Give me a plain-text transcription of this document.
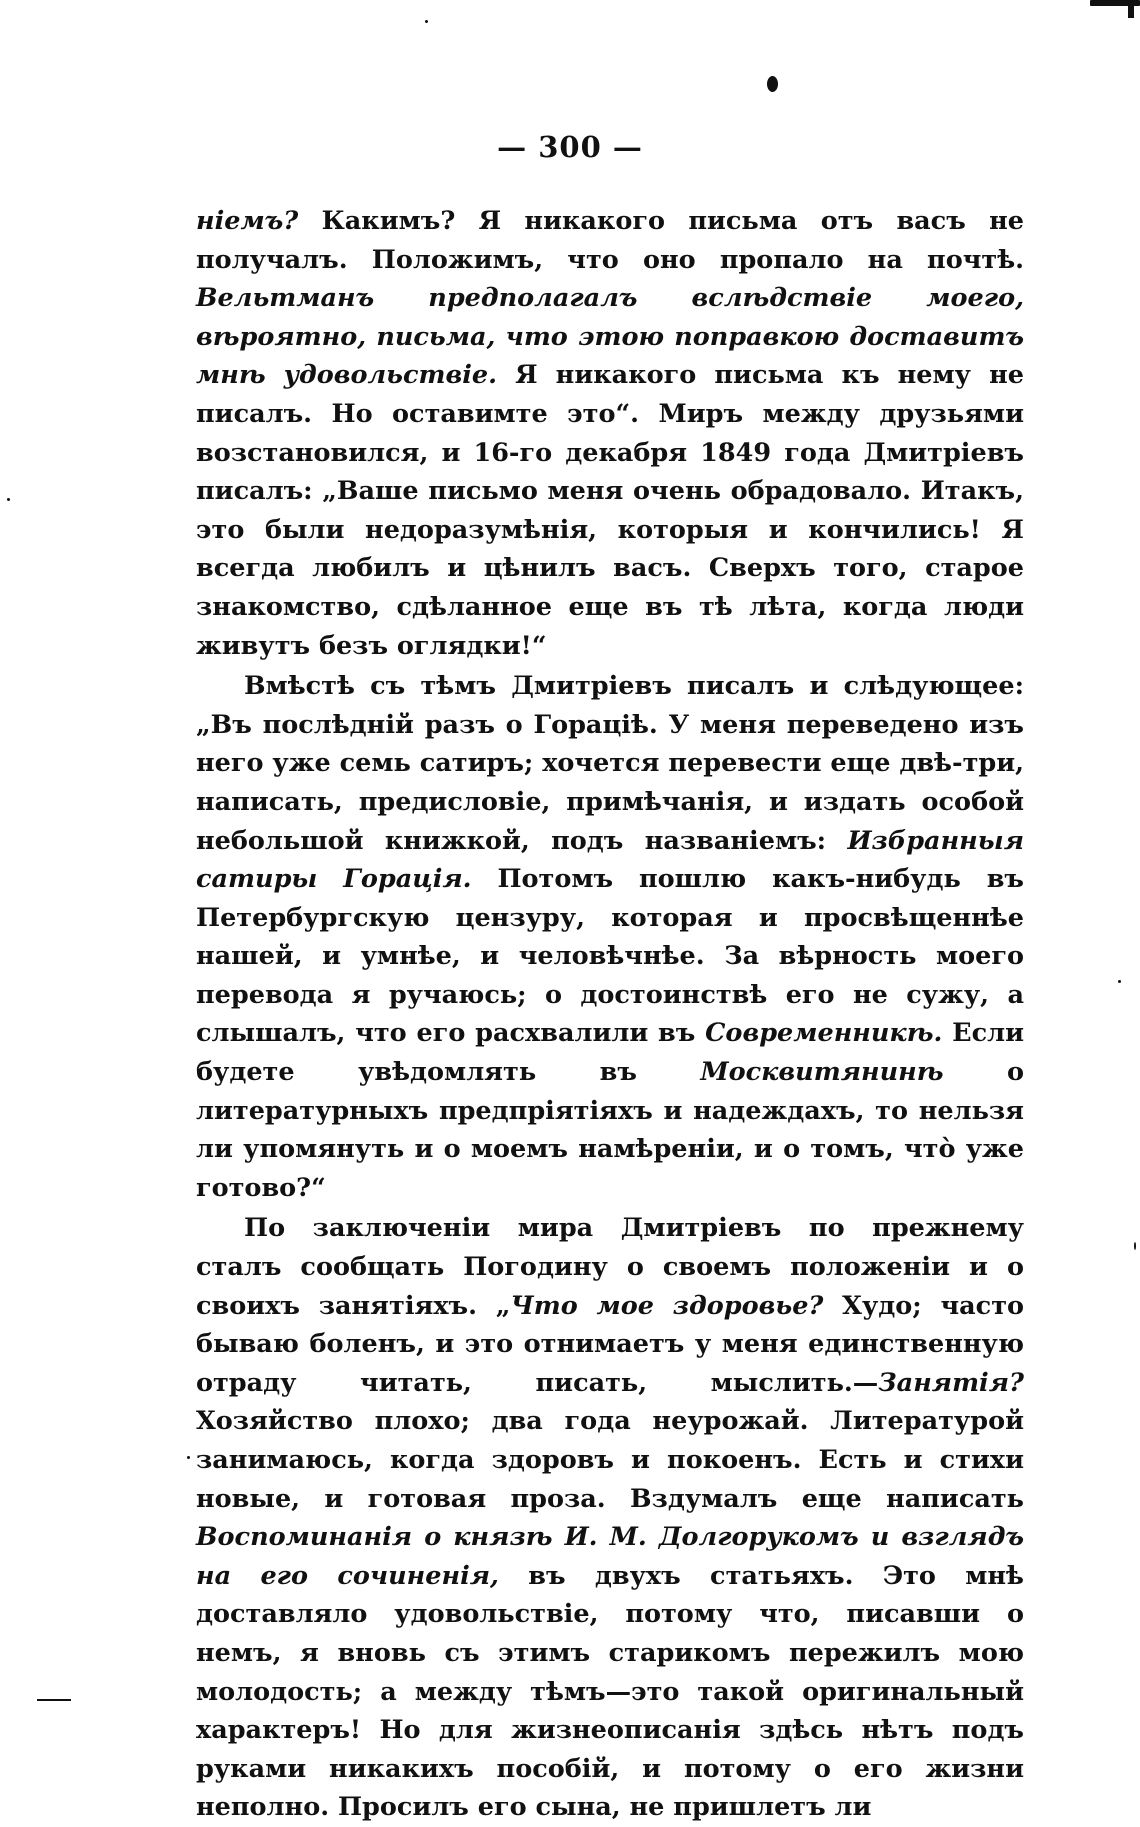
— 300 —

ніемъ? Какимъ? Я никакого письма отъ васъ не получалъ. Положимъ, что оно пропало на почтѣ. Вельтманъ предполагалъ вслѣдствіе моего, вѣроятно, письма, что этою поправкою доставитъ мнѣ удовольствіе. Я никакого письма къ нему не писалъ. Но оставимте это“. Миръ между друзьями возстановился, и 16-го декабря 1849 года Дмитріевъ писалъ: „Ваше письмо меня очень обрадовало. Итакъ, это были недоразумѣнія, которыя и кончились! Я всегда любилъ и цѣнилъ васъ. Сверхъ того, старое знакомство, сдѣланное еще въ тѣ лѣта, когда люди живутъ безъ оглядки!“

Вмѣстѣ съ тѣмъ Дмитріевъ писалъ и слѣдующее: „Въ послѣдній разъ о Горацiѣ. У меня переведено изъ него уже семь сатиръ; хочется перевести еще двѣ-три, написать, предисловіе, примѣчанія, и издать особой небольшой книжкой, подъ названіемъ: Избранныя сатиры Горація. Потомъ пошлю какъ-нибудь въ Петербургскую цензуру, которая и просвѣщеннѣе нашей, и умнѣе, и человѣчнѣе. За вѣрность моего перевода я ручаюсь; о достоинствѣ его не сужу, а слышалъ, что его расхвалили въ Современникѣ. Если будете увѣдомлять въ Москвитянинѣ о литературныхъ предпріятіяхъ и надеждахъ, то нельзя ли упомянуть и о моемъ намѣреніи, и о томъ, что̀ уже готово?“

По заключеніи мира Дмитріевъ по прежнему сталъ сообщать Погодину о своемъ положеніи и о своихъ занятіяхъ. „Что мое здоровье? Худо; часто бываю боленъ, и это отнимаетъ у меня единственную отраду читать, писать, мыслить.—Занятія? Хозяйство плохо; два года неурожай. Литературой занимаюсь, когда здоровъ и покоенъ. Есть и стихи новые, и готовая проза. Вздумалъ еще написать Воспоминанія о князѣ И. М. Долгорукомъ и взглядъ на его сочиненія, въ двухъ статьяхъ. Это мнѣ доставляло удовольствіе, потому что, писавши о немъ, я вновь съ этимъ старикомъ пережилъ мою молодость; а между тѣмъ—это такой оригинальный характеръ! Но для жизнеописанія здѣсь нѣтъ подъ руками никакихъ пособій, и потому о его жизни неполно. Просилъ его сына, не пришлетъ ли
